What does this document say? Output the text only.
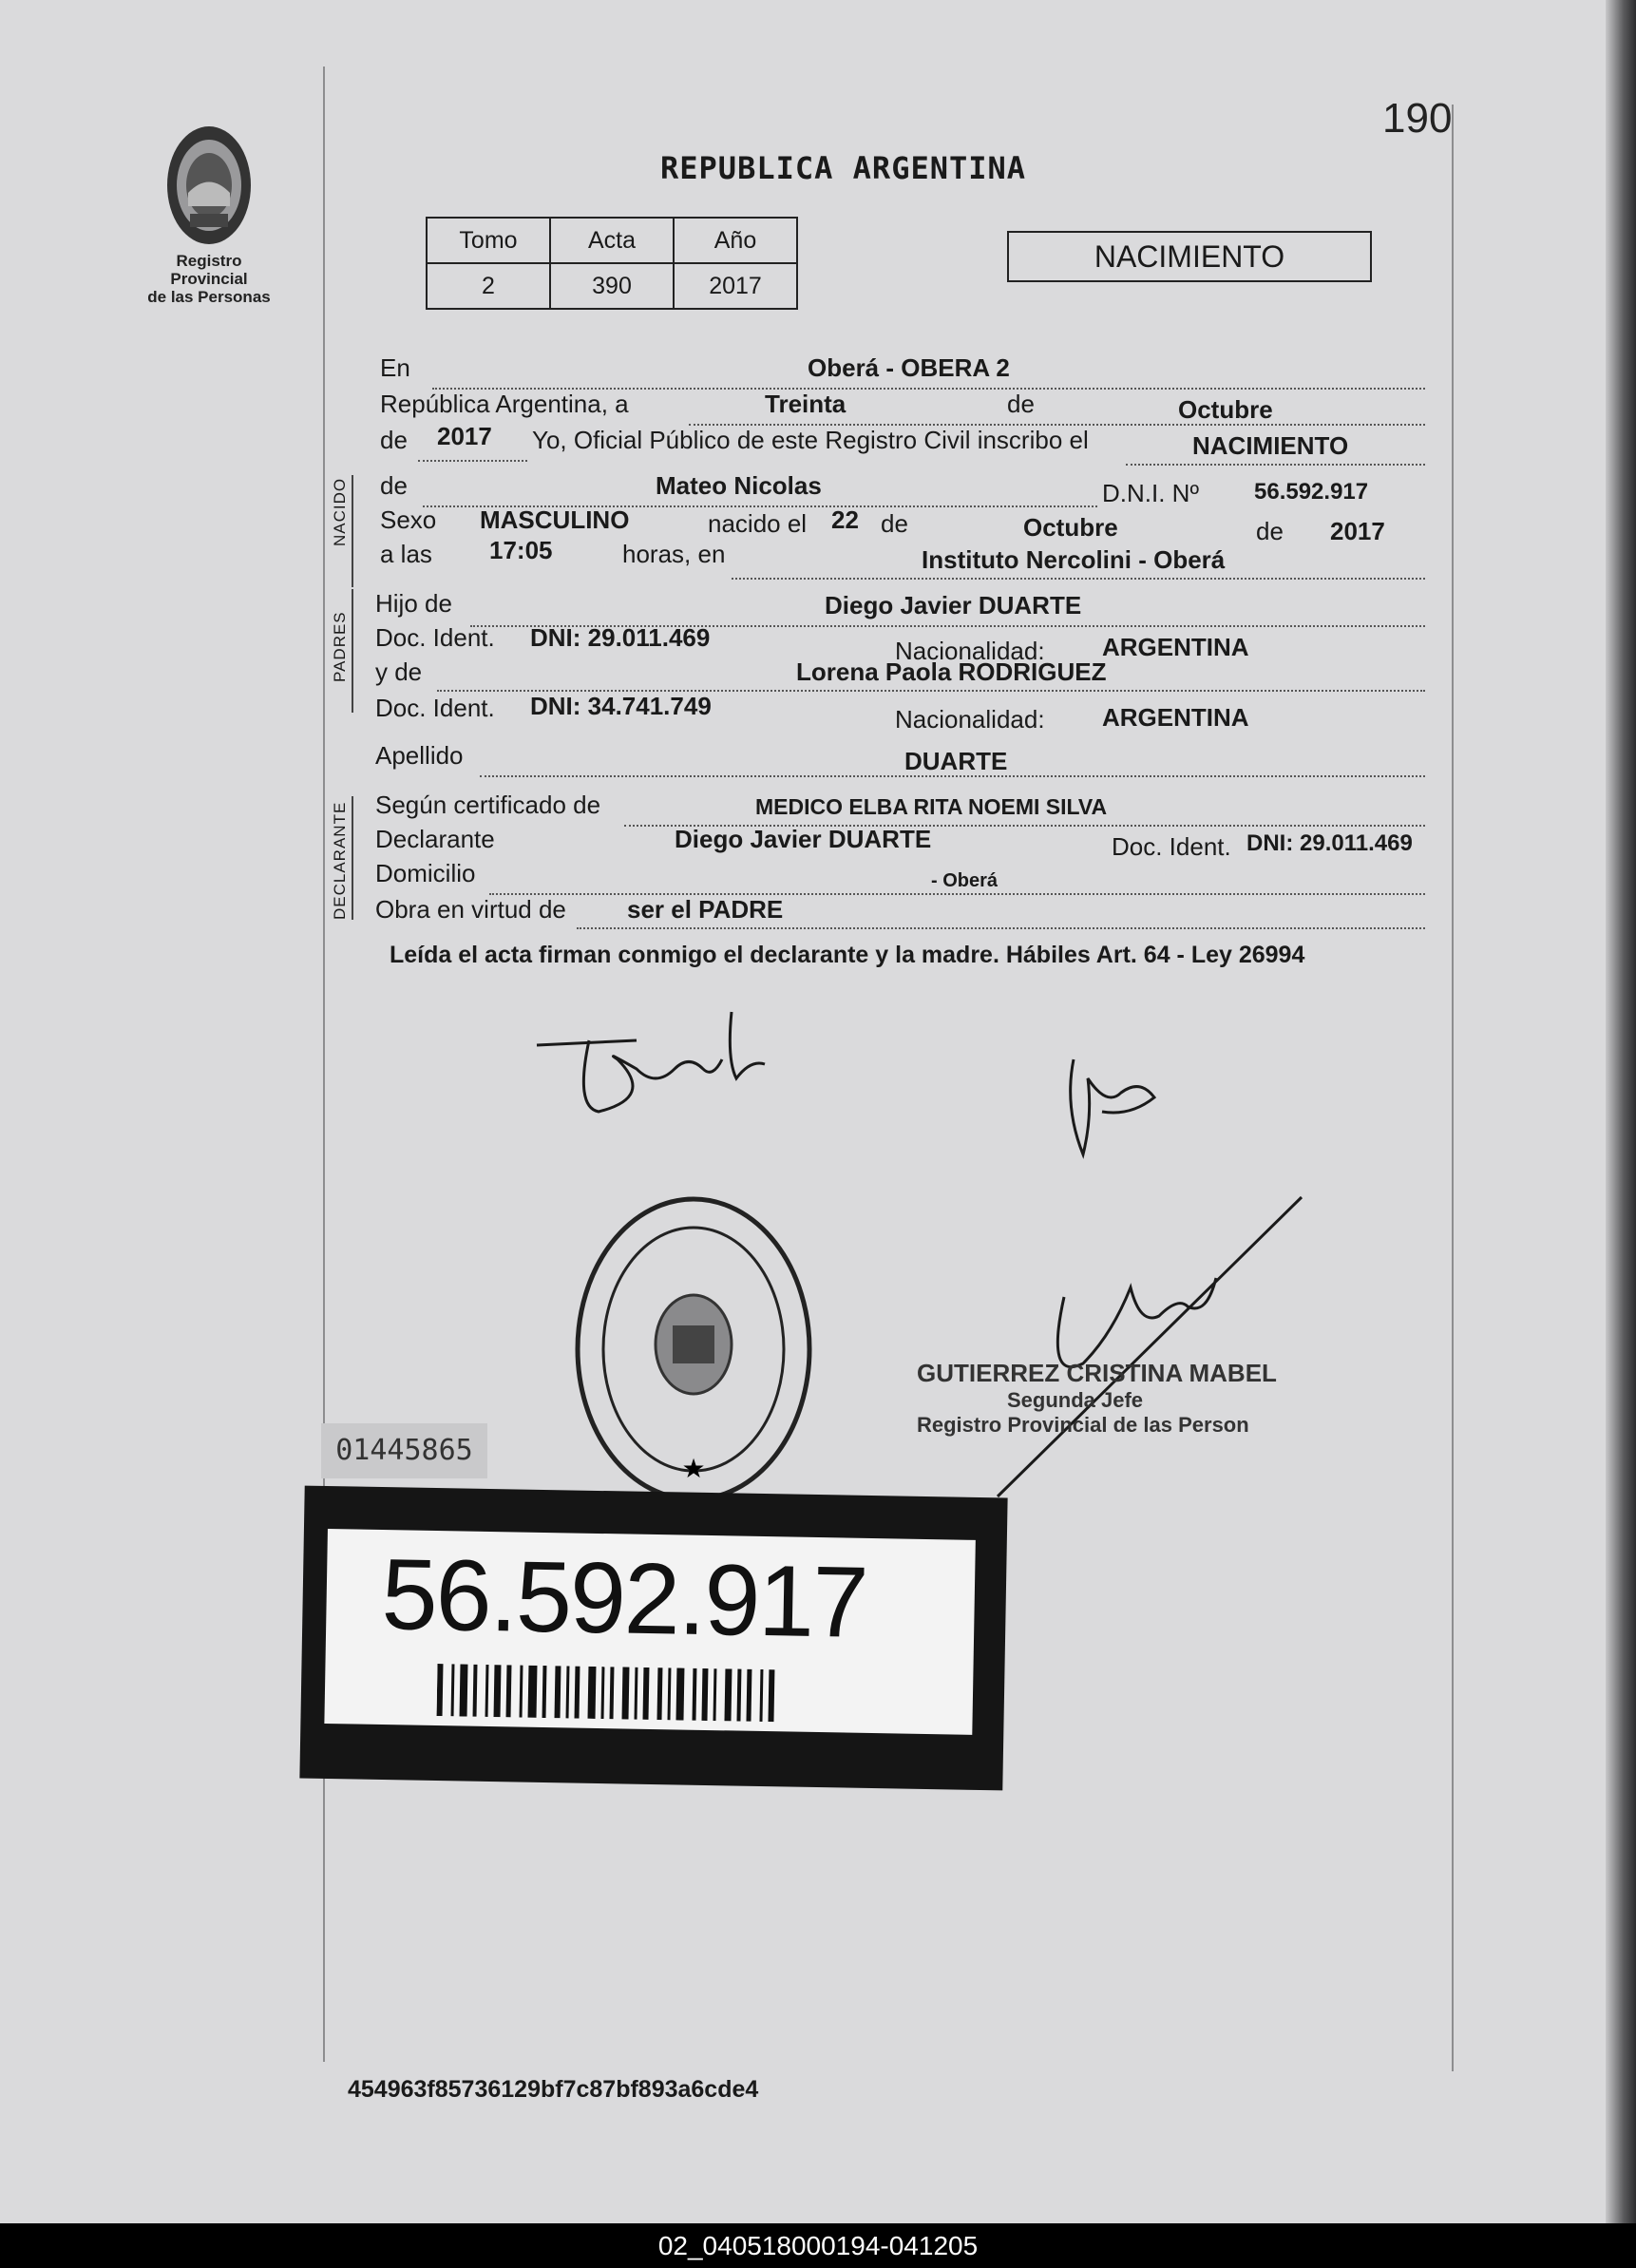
Registro Provincial
de las Personas
190
REPUBLICA ARGENTINA
Tomo	Acta	Año
2	390	2017
NACIMIENTO
NACIDO
PADRES
DECLARANTE
En	Oberá - OBERA 2
República Argentina, a	Treinta	de	Octubre
de 2017 Yo, Oficial Público de este Registro Civil inscribo el	NACIMIENTO
de	Mateo Nicolas	D.N.I. Nº 56.592.917
Sexo MASCULINO	nacido el 22 de	Octubre	de 2017
a las 17:05	horas, en	Instituto Nercolini - Oberá
Hijo de	Diego Javier DUARTE
Doc. Ident. DNI: 29.011.469	Nacionalidad: ARGENTINA
y de	Lorena Paola RODRIGUEZ
Doc. Ident. DNI: 34.741.749	Nacionalidad: ARGENTINA
Apellido	DUARTE
Según certificado de	MEDICO ELBA RITA NOEMI SILVA
Declarante	Diego Javier DUARTE	Doc. Ident. DNI: 29.011.469
Domicilio	- Oberá
Obra en virtud de ser el PADRE
Leída el acta firman conmigo el declarante y la madre. Hábiles Art. 64 - Ley 26994
★
GUTIERREZ CRISTINA MABEL
Segunda Jefe
Registro Provincial de las Person
01445865
56.592.917
454963f85736129bf7c87bf893a6cde4
02_040518000194-041205
